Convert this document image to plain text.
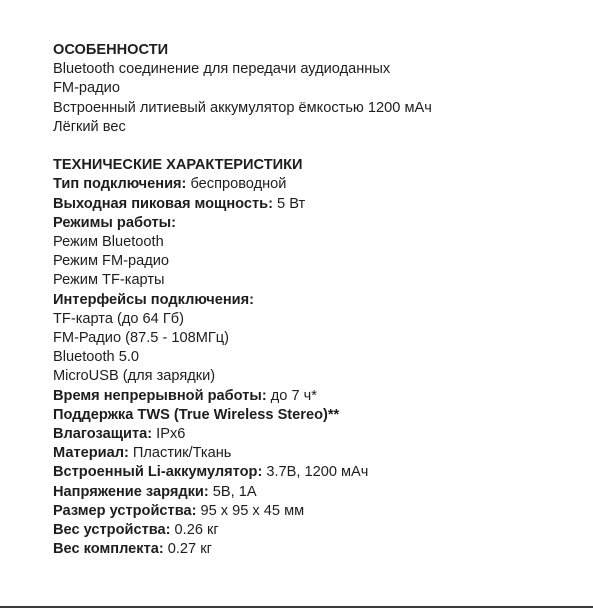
ОСОБЕННОСТИ

Bluetooth соединение для передачи аудиоданных

FM-радио

Встроенный литиевый аккумулятор ёмкостью 1200 мАч

Лёгкий вес

ТЕХНИЧЕСКИЕ ХАРАКТЕРИСТИКИ

Тип подключения: беспроводной

Выходная пиковая мощность: 5 Вт

Режимы работы:

Режим Bluetooth

Режим FM-радио

Режим TF-карты

Интерфейсы подключения:

TF-карта (до 64 Гб)

FM-Радио (87.5 - 108МГц)

Bluetooth 5.0

MicroUSB (для зарядки)

Время непрерывной работы: до 7 ч*

Поддержка TWS (True Wireless Stereo)**

Влагозащита: IPx6

Материал: Пластик/Ткань

Встроенный Li-аккумулятор: 3.7В, 1200 мАч

Напряжение зарядки: 5В, 1А

Размер устройства: 95 х 95 х 45 мм

Вес устройства: 0.26 кг

Вес комплекта: 0.27 кг
